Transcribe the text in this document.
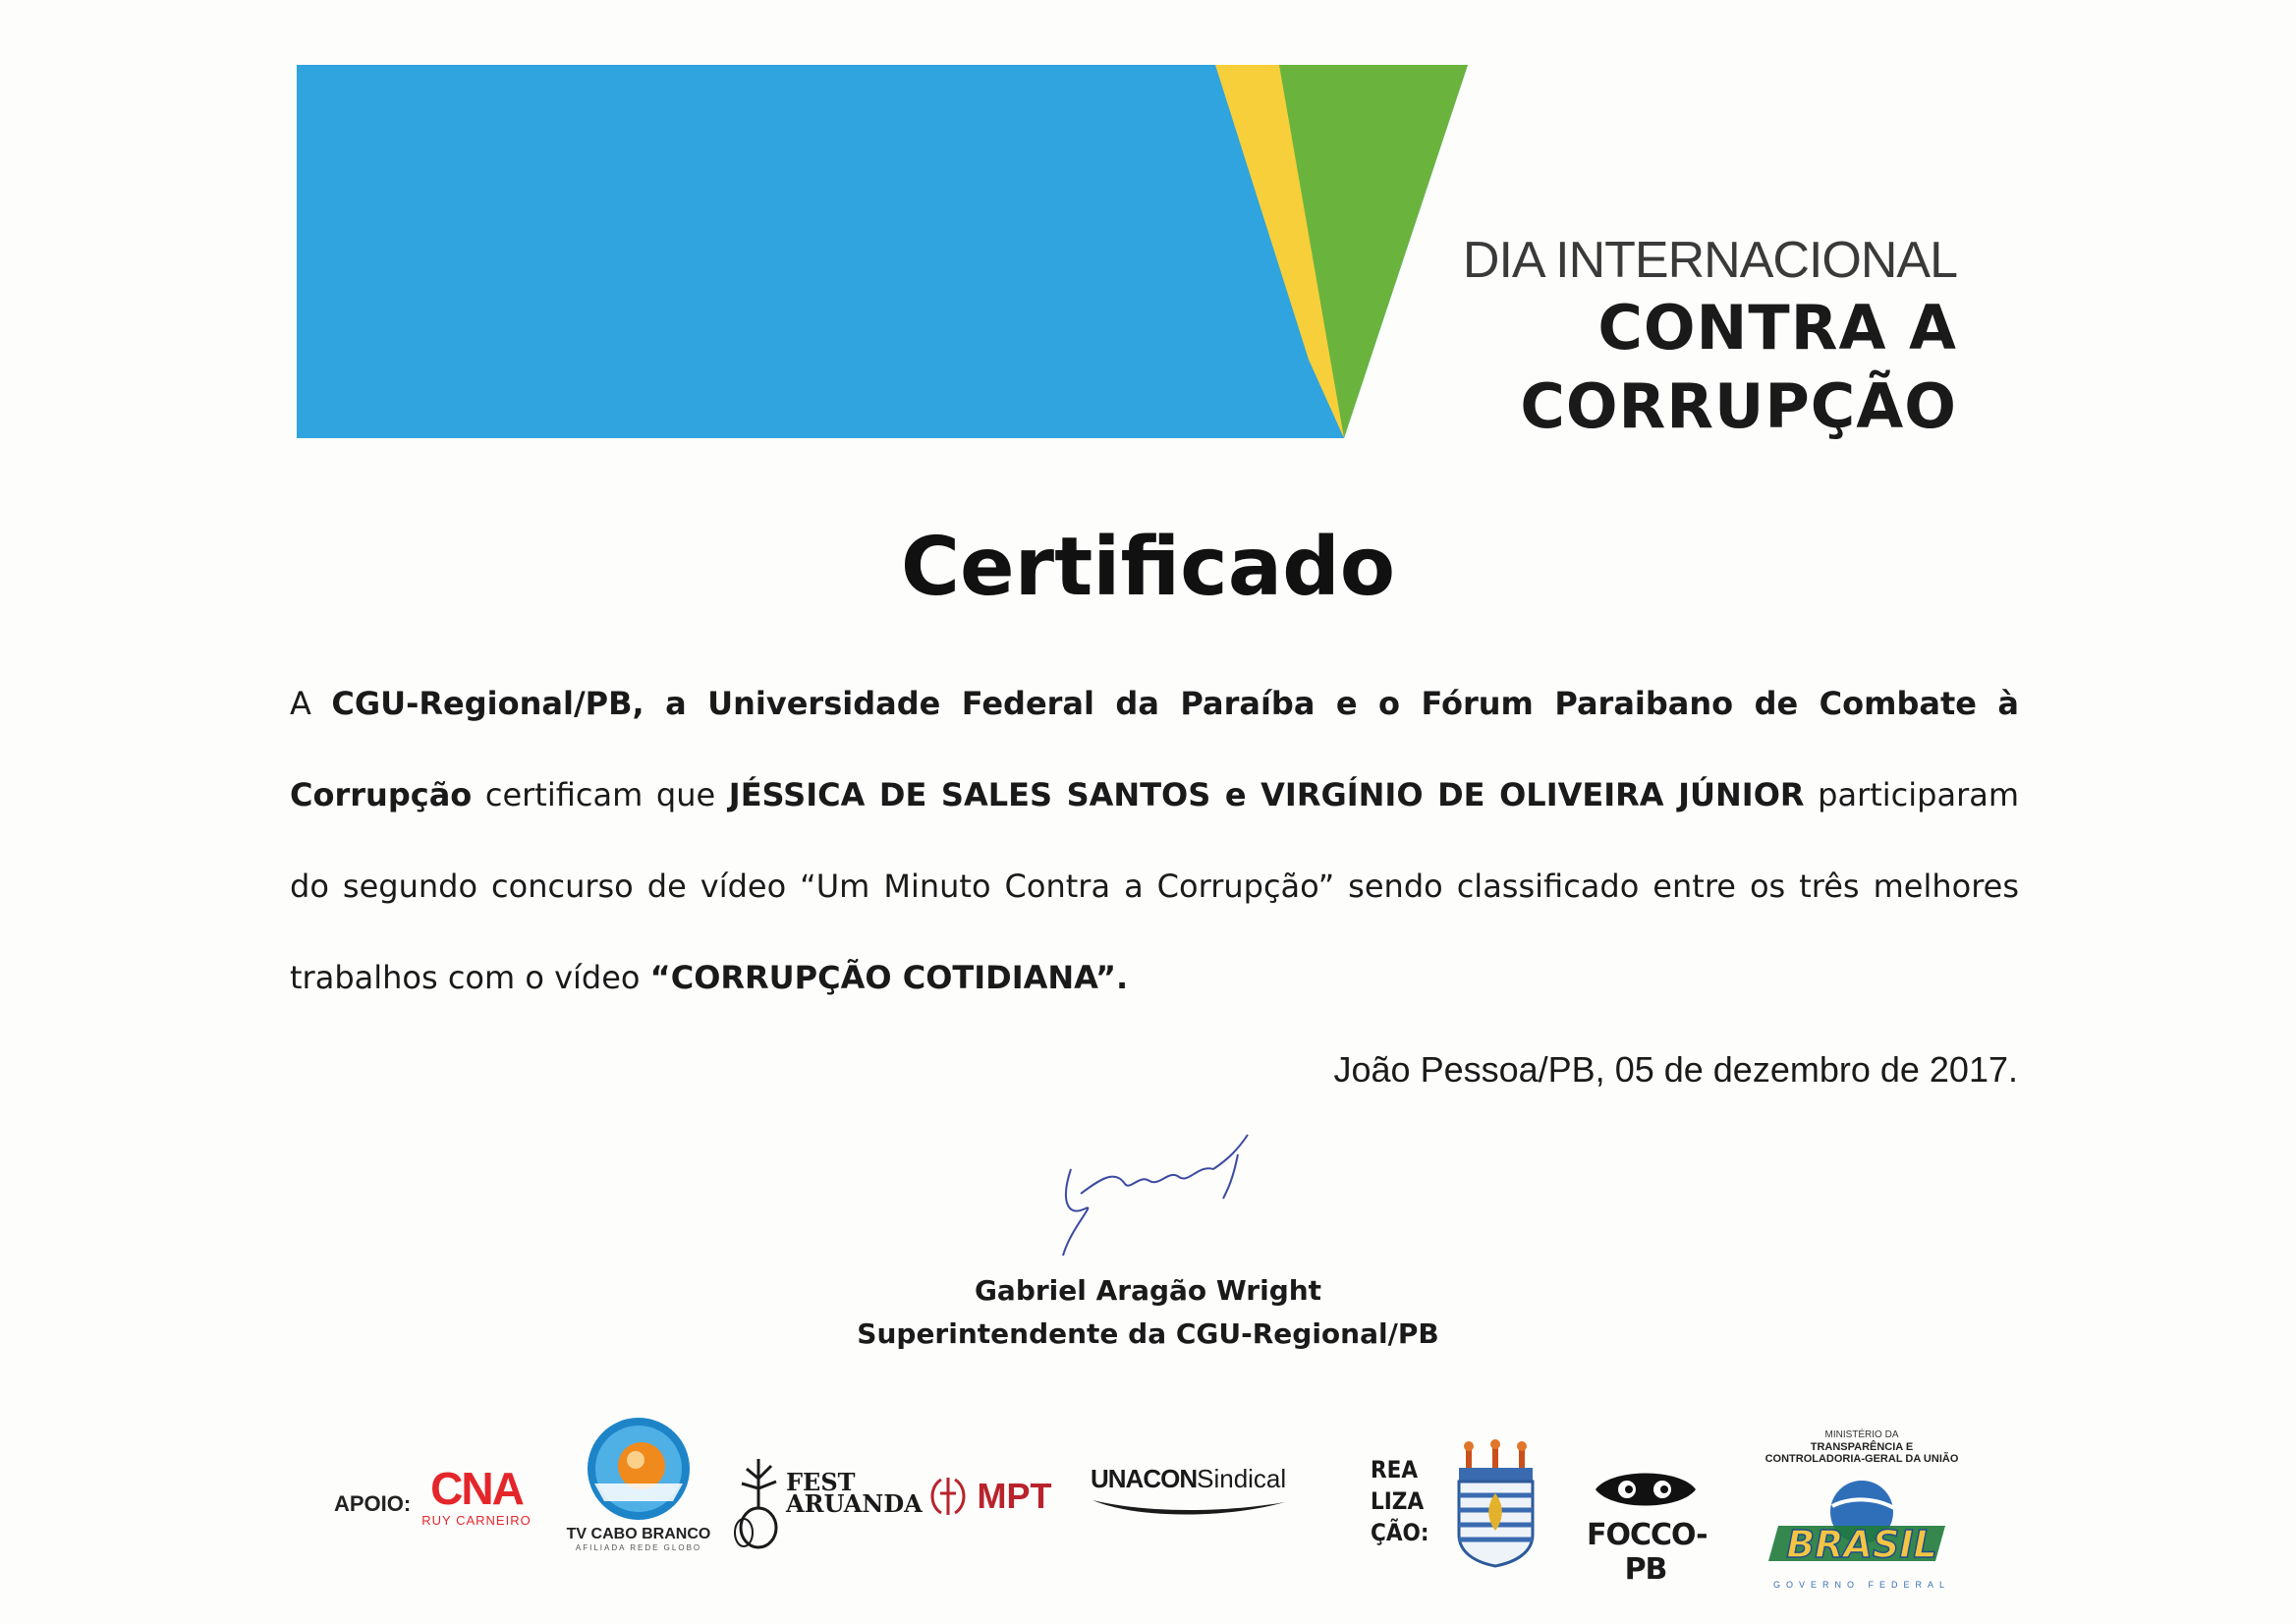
DIA INTERNACIONAL
CONTRA A
CORRUPÇÃO
Certificado
A CGU-Regional/PB, a Universidade Federal da Paraíba e o Fórum Paraibano de Combate à Corrupção certificam que JÉSSICA DE SALES SANTOS e VIRGÍNIO DE OLIVEIRA JÚNIOR participaram do segundo concurso de vídeo “Um Minuto Contra a Corrupção” sendo classificado entre os três melhores trabalhos com o vídeo “CORRUPÇÃO COTIDIANA”.
João Pessoa/PB, 05 de dezembro de 2017.
Gabriel Aragão Wright
Superintendente da CGU-Regional/PB
APOIO: CNA
RUY CARNEIRO
TV CABO BRANCO
AFILIADA REDE GLOBO
FEST
ARUANDA	MPT UNACONSindical	REA
LIZA
ÇÃO:	FOCCO-PB
MINISTÉRIO DA
TRANSPARÊNCIA E
CONTROLADORIA-GERAL DA UNIÃO
BRASIL
GOVERNO FEDERAL
